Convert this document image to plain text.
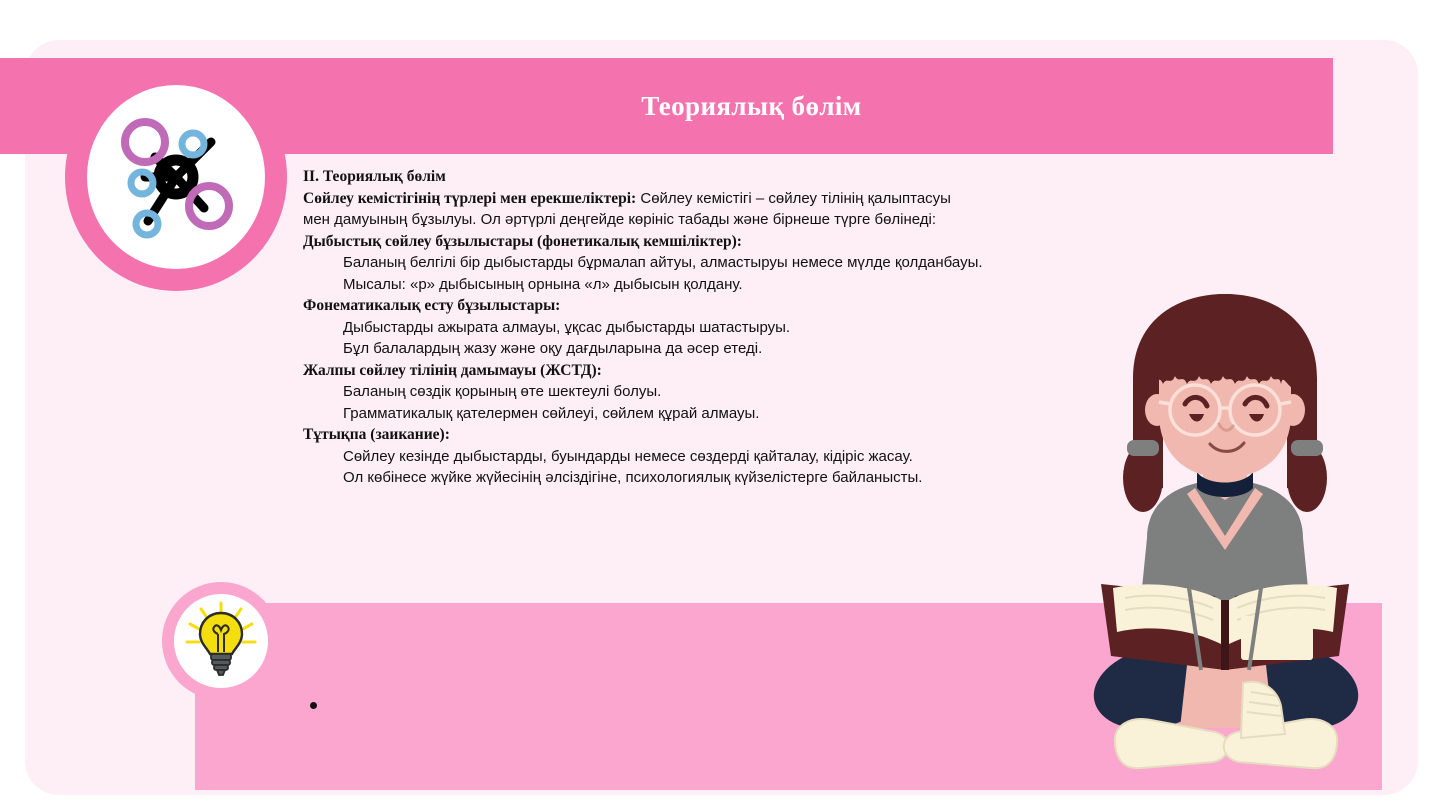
Теориялық бөлім
II. Теориялық бөлім
Сөйлеу кемістігінің түрлері мен ерекшеліктері: Сөйлеу кемістігі – сөйлеу тілінің қалыптасуы
мен дамуының бұзылуы. Ол әртүрлі деңгейде көрініс табады және бірнеше түрге бөлінеді:
Дыбыстық сөйлеу бұзылыстары (фонетикалық кемшіліктер):
Баланың белгілі бір дыбыстарды бұрмалап айтуы, алмастыруы немесе мүлде қолданбауы.
Мысалы: «р» дыбысының орнына «л» дыбысын қолдану.
Фонематикалық есту бұзылыстары:
Дыбыстарды ажырата алмауы, ұқсас дыбыстарды шатастыруы.
Бұл балалардың жазу және оқу дағдыларына да әсер етеді.
Жалпы сөйлеу тілінің дамымауы (ЖСТД):
Баланың сөздік қорының өте шектеулі болуы.
Грамматикалық қателермен сөйлеуі, сөйлем құрай алмауы.
Тұтықпа (заикание):
Сөйлеу кезінде дыбыстарды, буындарды немесе сөздерді қайталау, кідіріс жасау.
Ол көбінесе жүйке жүйесінің әлсіздігіне, психологиялық күйзелістерге байланысты.
